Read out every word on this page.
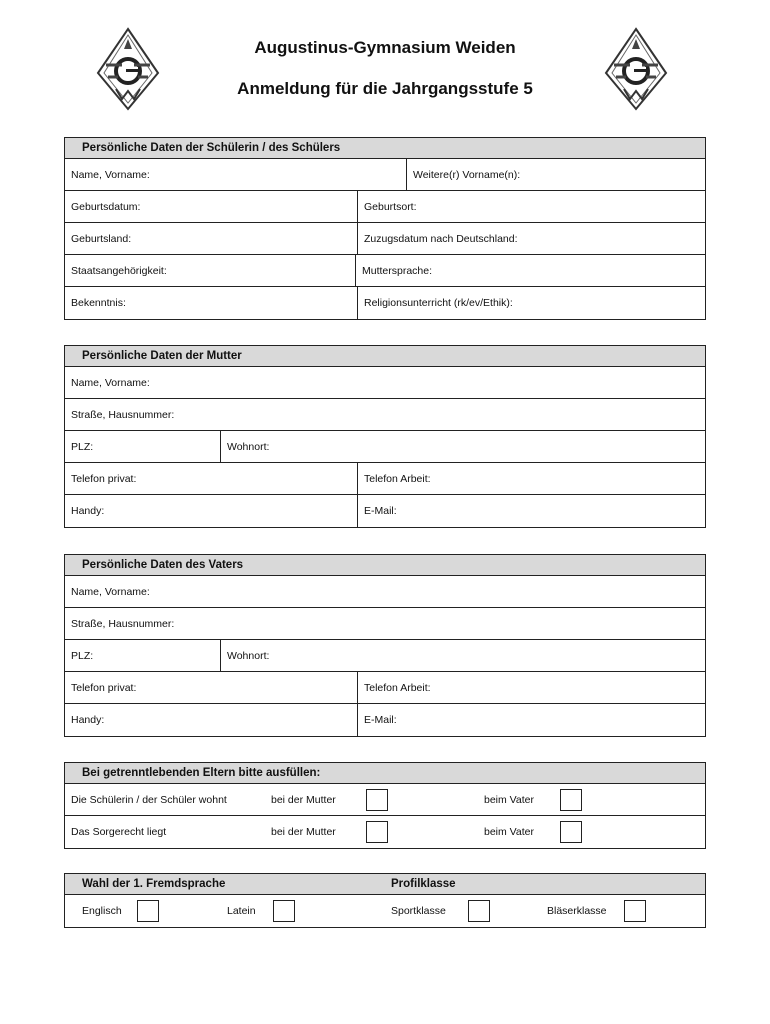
Augustinus-Gymnasium Weiden
Anmeldung für die Jahrgangsstufe 5
Persönliche Daten der Schülerin / des Schülers
Name, Vorname:	Weitere(r) Vorname(n):
Geburtsdatum:	Geburtsort:
Geburtsland:	Zuzugsdatum nach Deutschland:
Staatsangehörigkeit:	Muttersprache:
Bekenntnis:	Religionsunterricht (rk/ev/Ethik):
Persönliche Daten der Mutter
Name, Vorname:
Straße, Hausnummer:
PLZ:	Wohnort:
Telefon privat:	Telefon Arbeit:
Handy:	E-Mail:
Persönliche Daten des Vaters
Name, Vorname:
Straße, Hausnummer:
PLZ:	Wohnort:
Telefon privat:	Telefon Arbeit:
Handy:	E-Mail:
Bei getrenntlebenden Eltern bitte ausfüllen:
Die Schülerin / der Schüler wohnt	bei der Mutter	beim Vater
Das Sorgerecht liegt	bei der Mutter	beim Vater
Wahl der 1. Fremdsprache	Profilklasse
Englisch	Latein	Sportklasse	Bläserklasse
